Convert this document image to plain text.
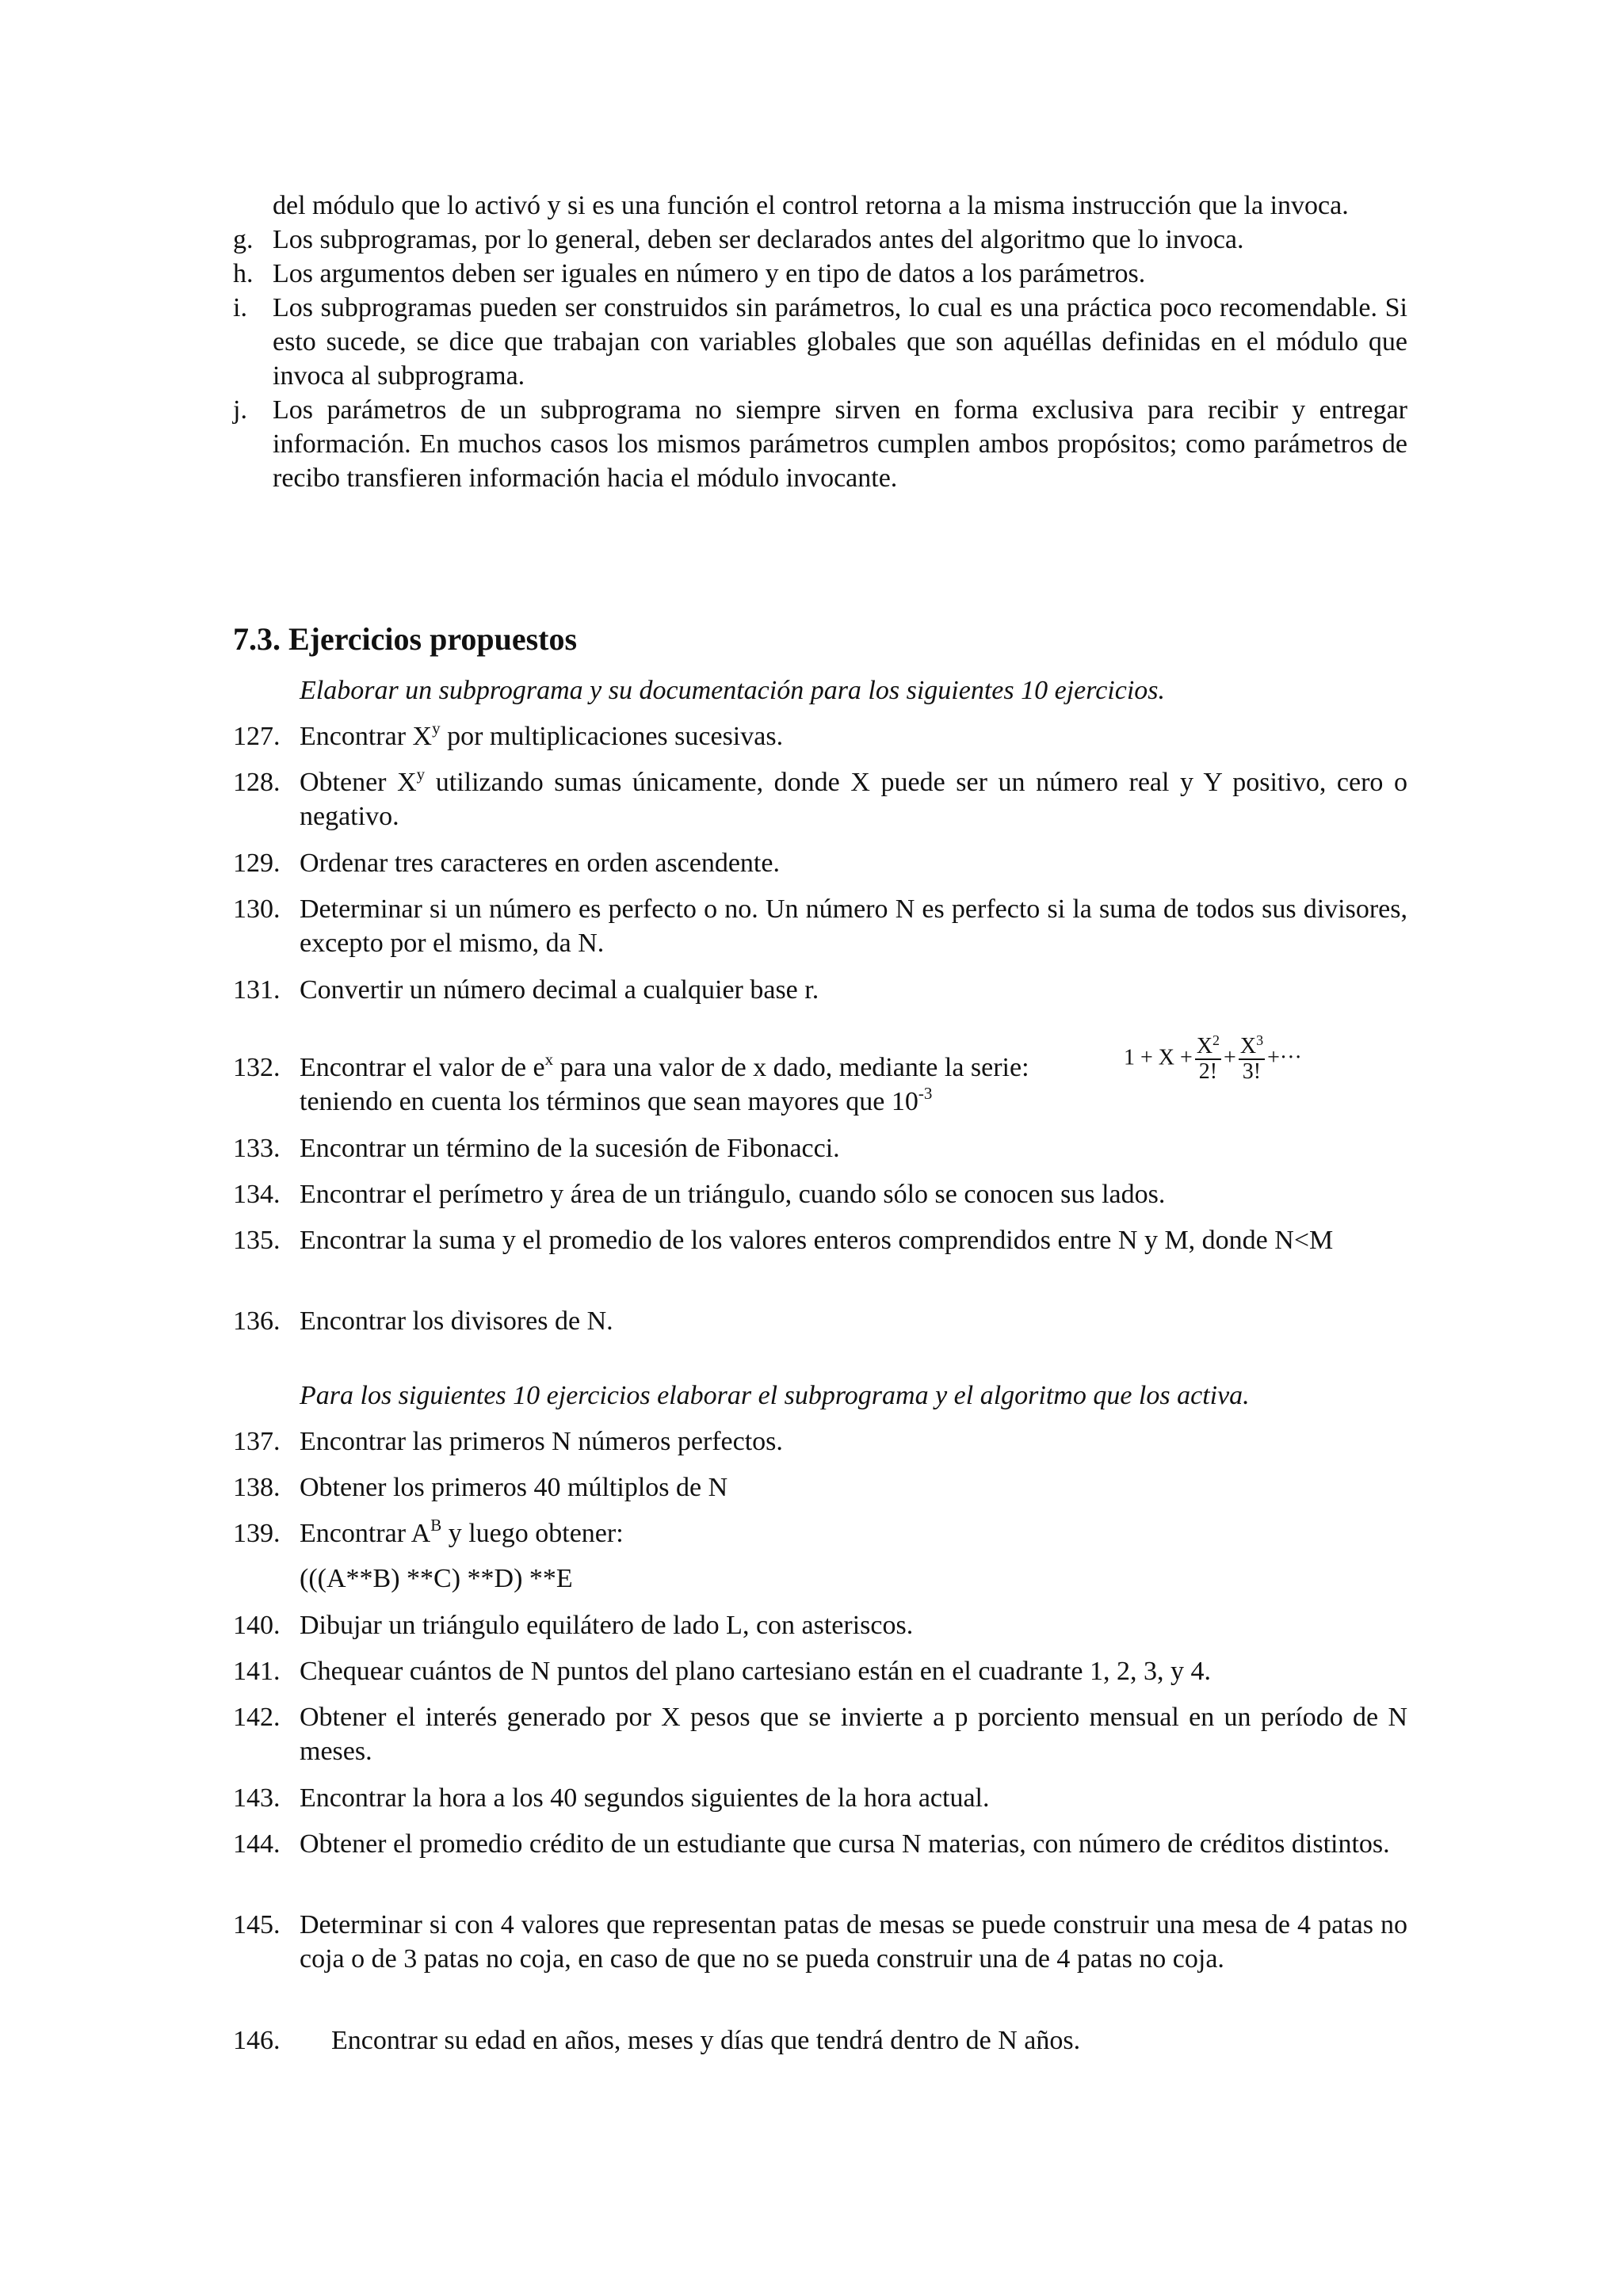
del módulo que lo activó y si es una función el control retorna a la misma instrucción que la invoca.
g. Los subprogramas, por lo general, deben ser declarados antes del algoritmo que lo invoca.
h. Los argumentos deben ser iguales en número y en tipo de datos a los parámetros.
i. Los subprogramas pueden ser construidos sin parámetros, lo cual es una práctica poco recomendable. Si esto sucede, se dice que trabajan con variables globales que son aquéllas definidas en el módulo que invoca al subprograma.
j. Los parámetros de un subprograma no siempre sirven en forma exclusiva para recibir y entregar información. En muchos casos los mismos parámetros cumplen ambos propósitos; como parámetros de recibo transfieren información hacia el módulo invocante.
7.3. Ejercicios propuestos
Elaborar un subprograma y su documentación para los siguientes 10 ejercicios.
127. Encontrar $X^y$ por multiplicaciones sucesivas.
128. Obtener $X^y$ utilizando sumas únicamente, donde X puede ser un número real y Y positivo, cero o negativo.
129. Ordenar tres caracteres en orden ascendente.
130. Determinar si un número es perfecto o no. Un número N es perfecto si la suma de todos sus divisores, excepto por el mismo, da N.
131. Convertir un número decimal a cualquier base r.
132. Encontrar el valor de $e^x$ para una valor de x dado, mediante la serie:
teniendo en cuenta los términos que sean mayores que $10^{-3}$
$1 + X + \frac{X^2}{2!} + \frac{X^3}{3!}$ +···
133. Encontrar un término de la sucesión de Fibonacci.
134. Encontrar el perímetro y área de un triángulo, cuando sólo se conocen sus lados.
135. Encontrar la suma y el promedio de los valores enteros comprendidos entre N y M, donde N<M
136. Encontrar los divisores de N.
Para los siguientes 10 ejercicios elaborar el subprograma y el algoritmo que los activa.
137. Encontrar las primeros N números perfectos.
138. Obtener los primeros 40 múltiplos de N
139. Encontrar $A^B$ y luego obtener:
(((A**B) **C) **D) **E
140. Dibujar un triángulo equilátero de lado L, con asteriscos.
141. Chequear cuántos de N puntos del plano cartesiano están en el cuadrante 1, 2, 3, y 4.
142. Obtener el interés generado por X pesos que se invierte a p porciento mensual en un período de N meses.
143. Encontrar la hora a los 40 segundos siguientes de la hora actual.
144. Obtener el promedio crédito de un estudiante que cursa N materias, con número de créditos distintos.
145. Determinar si con 4 valores que representan patas de mesas se puede construir una mesa de 4 patas no coja o de 3 patas no coja, en caso de que no se pueda construir una de 4 patas no coja.
146. Encontrar su edad en años, meses y días que tendrá dentro de N años.
